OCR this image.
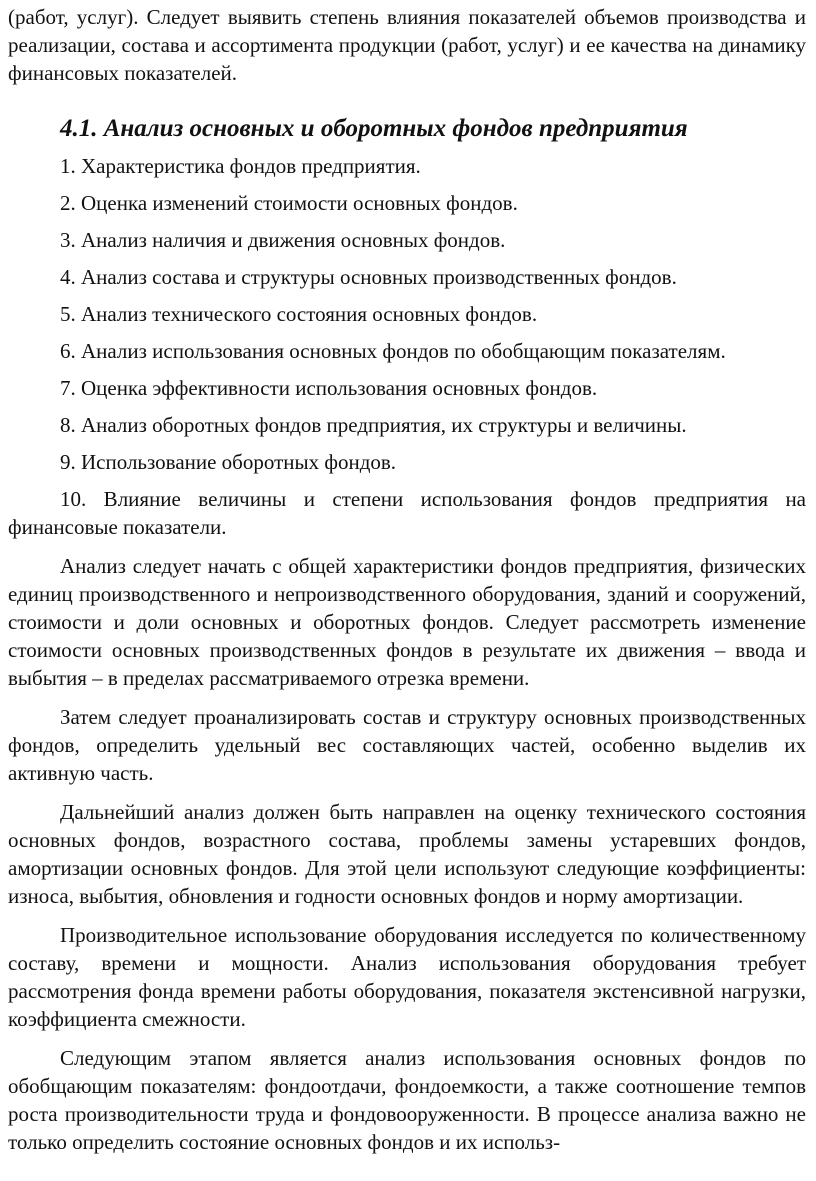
(работ, услуг). Следует выявить степень влияния показателей объемов производства и реализации, состава и ассортимента продукции (работ, услуг) и ее качества на динамику финансовых показателей.

4.1. Анализ основных и оборотных фондов предприятия

1. Характеристика фондов предприятия.

2. Оценка изменений стоимости основных фондов.

3. Анализ наличия и движения основных фондов.

4. Анализ состава и структуры основных производственных фондов.

5. Анализ технического состояния основных фондов.

6. Анализ использования основных фондов по обобщающим показателям.

7. Оценка эффективности использования основных фондов.

8. Анализ оборотных фондов предприятия, их структуры и величины.

9. Использование оборотных фондов.

10. Влияние величины и степени использования фондов предприятия на финансовые показатели.

Анализ следует начать с общей характеристики фондов предприятия, физических единиц производственного и непроизводственного оборудования, зданий и сооружений, стоимости и доли основных и оборотных фондов. Следует рассмотреть изменение стоимости основных производственных фондов в результате их движения – ввода и выбытия – в пределах рассматриваемого отрезка времени.

Затем следует проанализировать состав и структуру основных производственных фондов, определить удельный вес составляющих частей, особенно выделив их активную часть.

Дальнейший анализ должен быть направлен на оценку технического состояния основных фондов, возрастного состава, проблемы замены устаревших фондов, амортизации основных фондов. Для этой цели используют следующие коэффициенты: износа, выбытия, обновления и годности основных фондов и норму амортизации.

Производительное использование оборудования исследуется по количественному составу, времени и мощности. Анализ использования оборудования требует рассмотрения фонда времени работы оборудования, показателя экстенсивной нагрузки, коэффициента смежности.

Следующим этапом является анализ использования основных фондов по обобщающим показателям: фондоотдачи, фондоемкости, а также соотношение темпов роста производительности труда и фондовооруженности. В процессе анализа важно не только определить состояние основных фондов и их использ-
